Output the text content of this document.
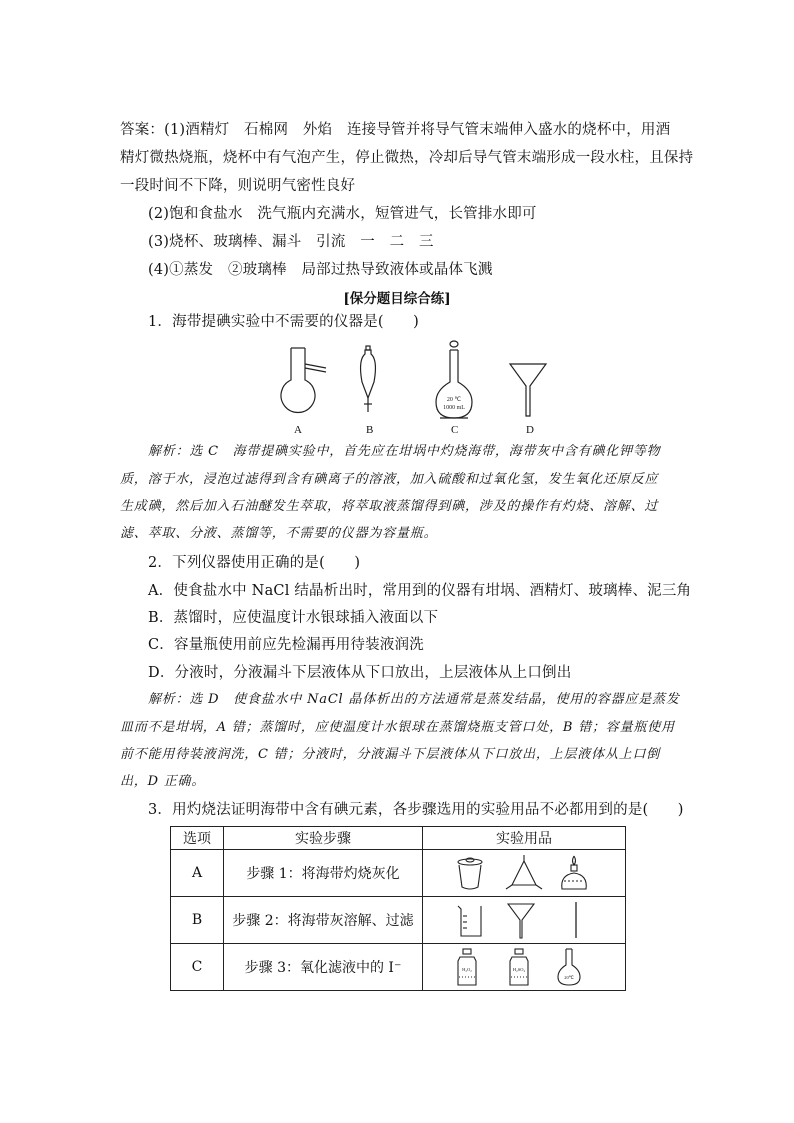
答案：(1)酒精灯　石棉网　外焰　连接导管并将导气管末端伸入盛水的烧杯中，用酒
精灯微热烧瓶，烧杯中有气泡产生，停止微热，冷却后导气管末端形成一段水柱，且保持
一段时间不下降，则说明气密性良好
(2)饱和食盐水　洗气瓶内充满水，短管进气，长管排水即可
(3)烧杯、玻璃棒、漏斗　引流　一　二　三
(4)①蒸发　②玻璃棒　局部过热导致液体或晶体飞溅
[保分题目综合练]
1．海带提碘实验中不需要的仪器是(　　)
20 ℃
1000 mL
A	B	C	D
解析：选 C　海带提碘实验中，首先应在坩埚中灼烧海带，海带灰中含有碘化钾等物
质，溶于水，浸泡过滤得到含有碘离子的溶液，加入硫酸和过氧化氢，发生氧化还原反应
生成碘，然后加入石油醚发生萃取，将萃取液蒸馏得到碘，涉及的操作有灼烧、溶解、过
滤、萃取、分液、蒸馏等，不需要的仪器为容量瓶。
2．下列仪器使用正确的是(　　)
A．使食盐水中 NaCl 结晶析出时，常用到的仪器有坩埚、酒精灯、玻璃棒、泥三角
B．蒸馏时，应使温度计水银球插入液面以下
C．容量瓶使用前应先检漏再用待装液润洗
D．分液时，分液漏斗下层液体从下口放出，上层液体从上口倒出
解析：选 D　使食盐水中 NaCl 晶体析出的方法通常是蒸发结晶，使用的容器应是蒸发
皿而不是坩埚，A 错；蒸馏时，应使温度计水银球在蒸馏烧瓶支管口处，B 错；容量瓶使用
前不能用待装液润洗，C 错；分液时，分液漏斗下层液体从下口放出，上层液体从上口倒
出，D 正确。
3．用灼烧法证明海带中含有碘元素，各步骤选用的实验用品不必都用到的是(　　)
选项	实验步骤	实验用品
A	步骤 1：将海带灼烧灰化	

B	步骤 2：将海带灰溶解、过滤	

C	步骤 3：氧化滤液中的 I⁻	H₂O₂ H₂SO₄
20℃
